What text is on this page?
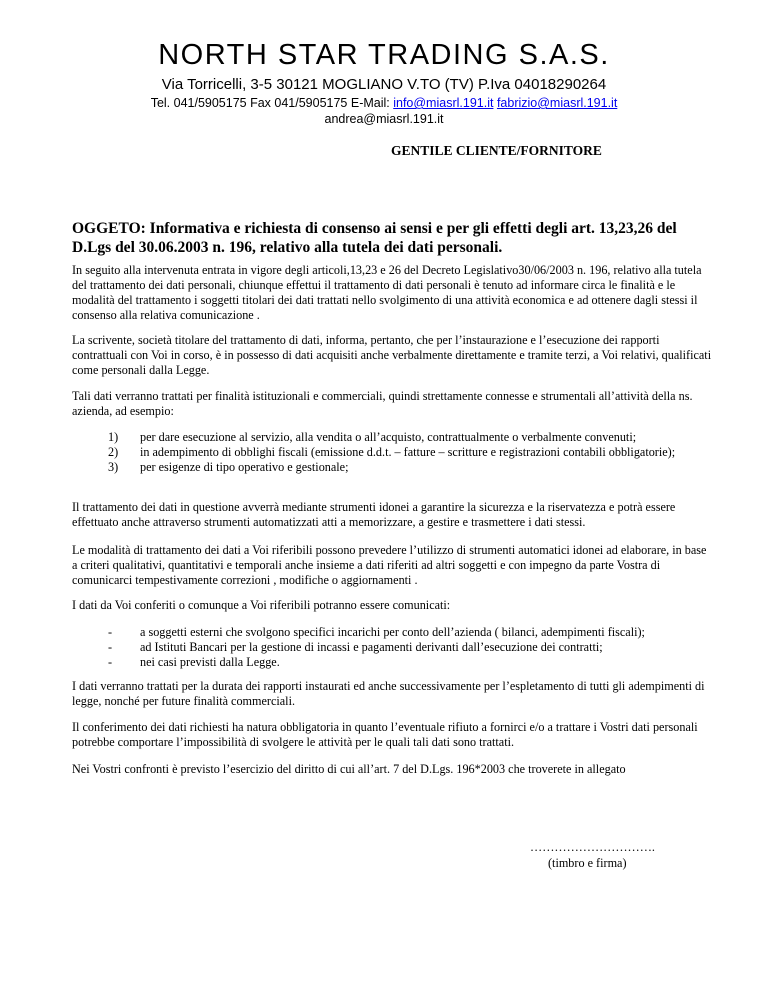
NORTH STAR TRADING S.A.S.
Via Torricelli, 3-5 30121 MOGLIANO V.TO (TV) P.Iva 04018290264
Tel. 041/5905175 Fax 041/5905175 E-Mail: info@miasrl.191.it fabrizio@miasrl.191.it
andrea@miasrl.191.it
GENTILE CLIENTE/FORNITORE
OGGETO: Informativa e richiesta di consenso ai sensi e per gli effetti degli art. 13,23,26 del D.Lgs del 30.06.2003 n. 196, relativo alla tutela dei dati personali.

In seguito alla intervenuta entrata in vigore degli articoli,13,23 e 26 del Decreto Legislativo30/06/2003 n. 196, relativo alla tutela del trattamento dei dati personali, chiunque effettui il trattamento di dati personali è tenuto ad informare circa le finalità e le modalità del trattamento i soggetti titolari dei dati trattati nello svolgimento di una attività economica e ad ottenere dagli stessi il consenso alla relativa comunicazione .

La scrivente, società titolare del trattamento di dati, informa, pertanto, che per l’instaurazione e l’esecuzione dei rapporti contrattuali con Voi in corso, è in possesso di dati acquisiti anche verbalmente direttamente e tramite terzi, a Voi relativi, qualificati come personali dalla Legge.

Tali dati verranno trattati per finalità istituzionali e commerciali, quindi strettamente connesse e strumentali all’attività della ns. azienda, ad esempio:

1) per dare esecuzione al servizio, alla vendita o all’acquisto, contrattualmente o verbalmente convenuti;
2) in adempimento di obblighi fiscali (emissione d.d.t. – fatture – scritture e registrazioni contabili obbligatorie);
3) per esigenze di tipo operativo e gestionale;

Il trattamento dei dati in questione avverrà mediante strumenti idonei a garantire la sicurezza e la riservatezza e potrà essere effettuato anche attraverso strumenti automatizzati atti a memorizzare, a gestire e trasmettere i dati stessi.

Le modalità di trattamento dei dati a Voi riferibili possono prevedere l’utilizzo di strumenti automatici idonei ad elaborare, in base a criteri qualitativi, quantitativi e temporali anche insieme a dati riferiti ad altri soggetti e con impegno da parte Vostra di comunicarci tempestivamente correzioni , modifiche o aggiornamenti .

I dati da Voi conferiti o comunque a Voi riferibili potranno essere comunicati:

- a soggetti esterni che svolgono specifici incarichi per conto dell’azienda ( bilanci, adempimenti fiscali);
- ad Istituti Bancari per la gestione di incassi e pagamenti derivanti dall’esecuzione dei contratti;
- nei casi previsti dalla Legge.

I dati verranno trattati per la durata dei rapporti instaurati ed anche successivamente per l’espletamento di tutti gli adempimenti di legge, nonché per future finalità commerciali.

Il conferimento dei dati richiesti ha natura obbligatoria in quanto l’eventuale rifiuto a fornirci e/o a trattare i Vostri dati personali potrebbe comportare l’impossibilità di svolgere le attività per le quali tali dati sono trattati.

Nei Vostri confronti è previsto l’esercizio del diritto di cui all’art. 7 del D.Lgs. 196*2003 che troverete in allegato

………………………….
(timbro e firma)
